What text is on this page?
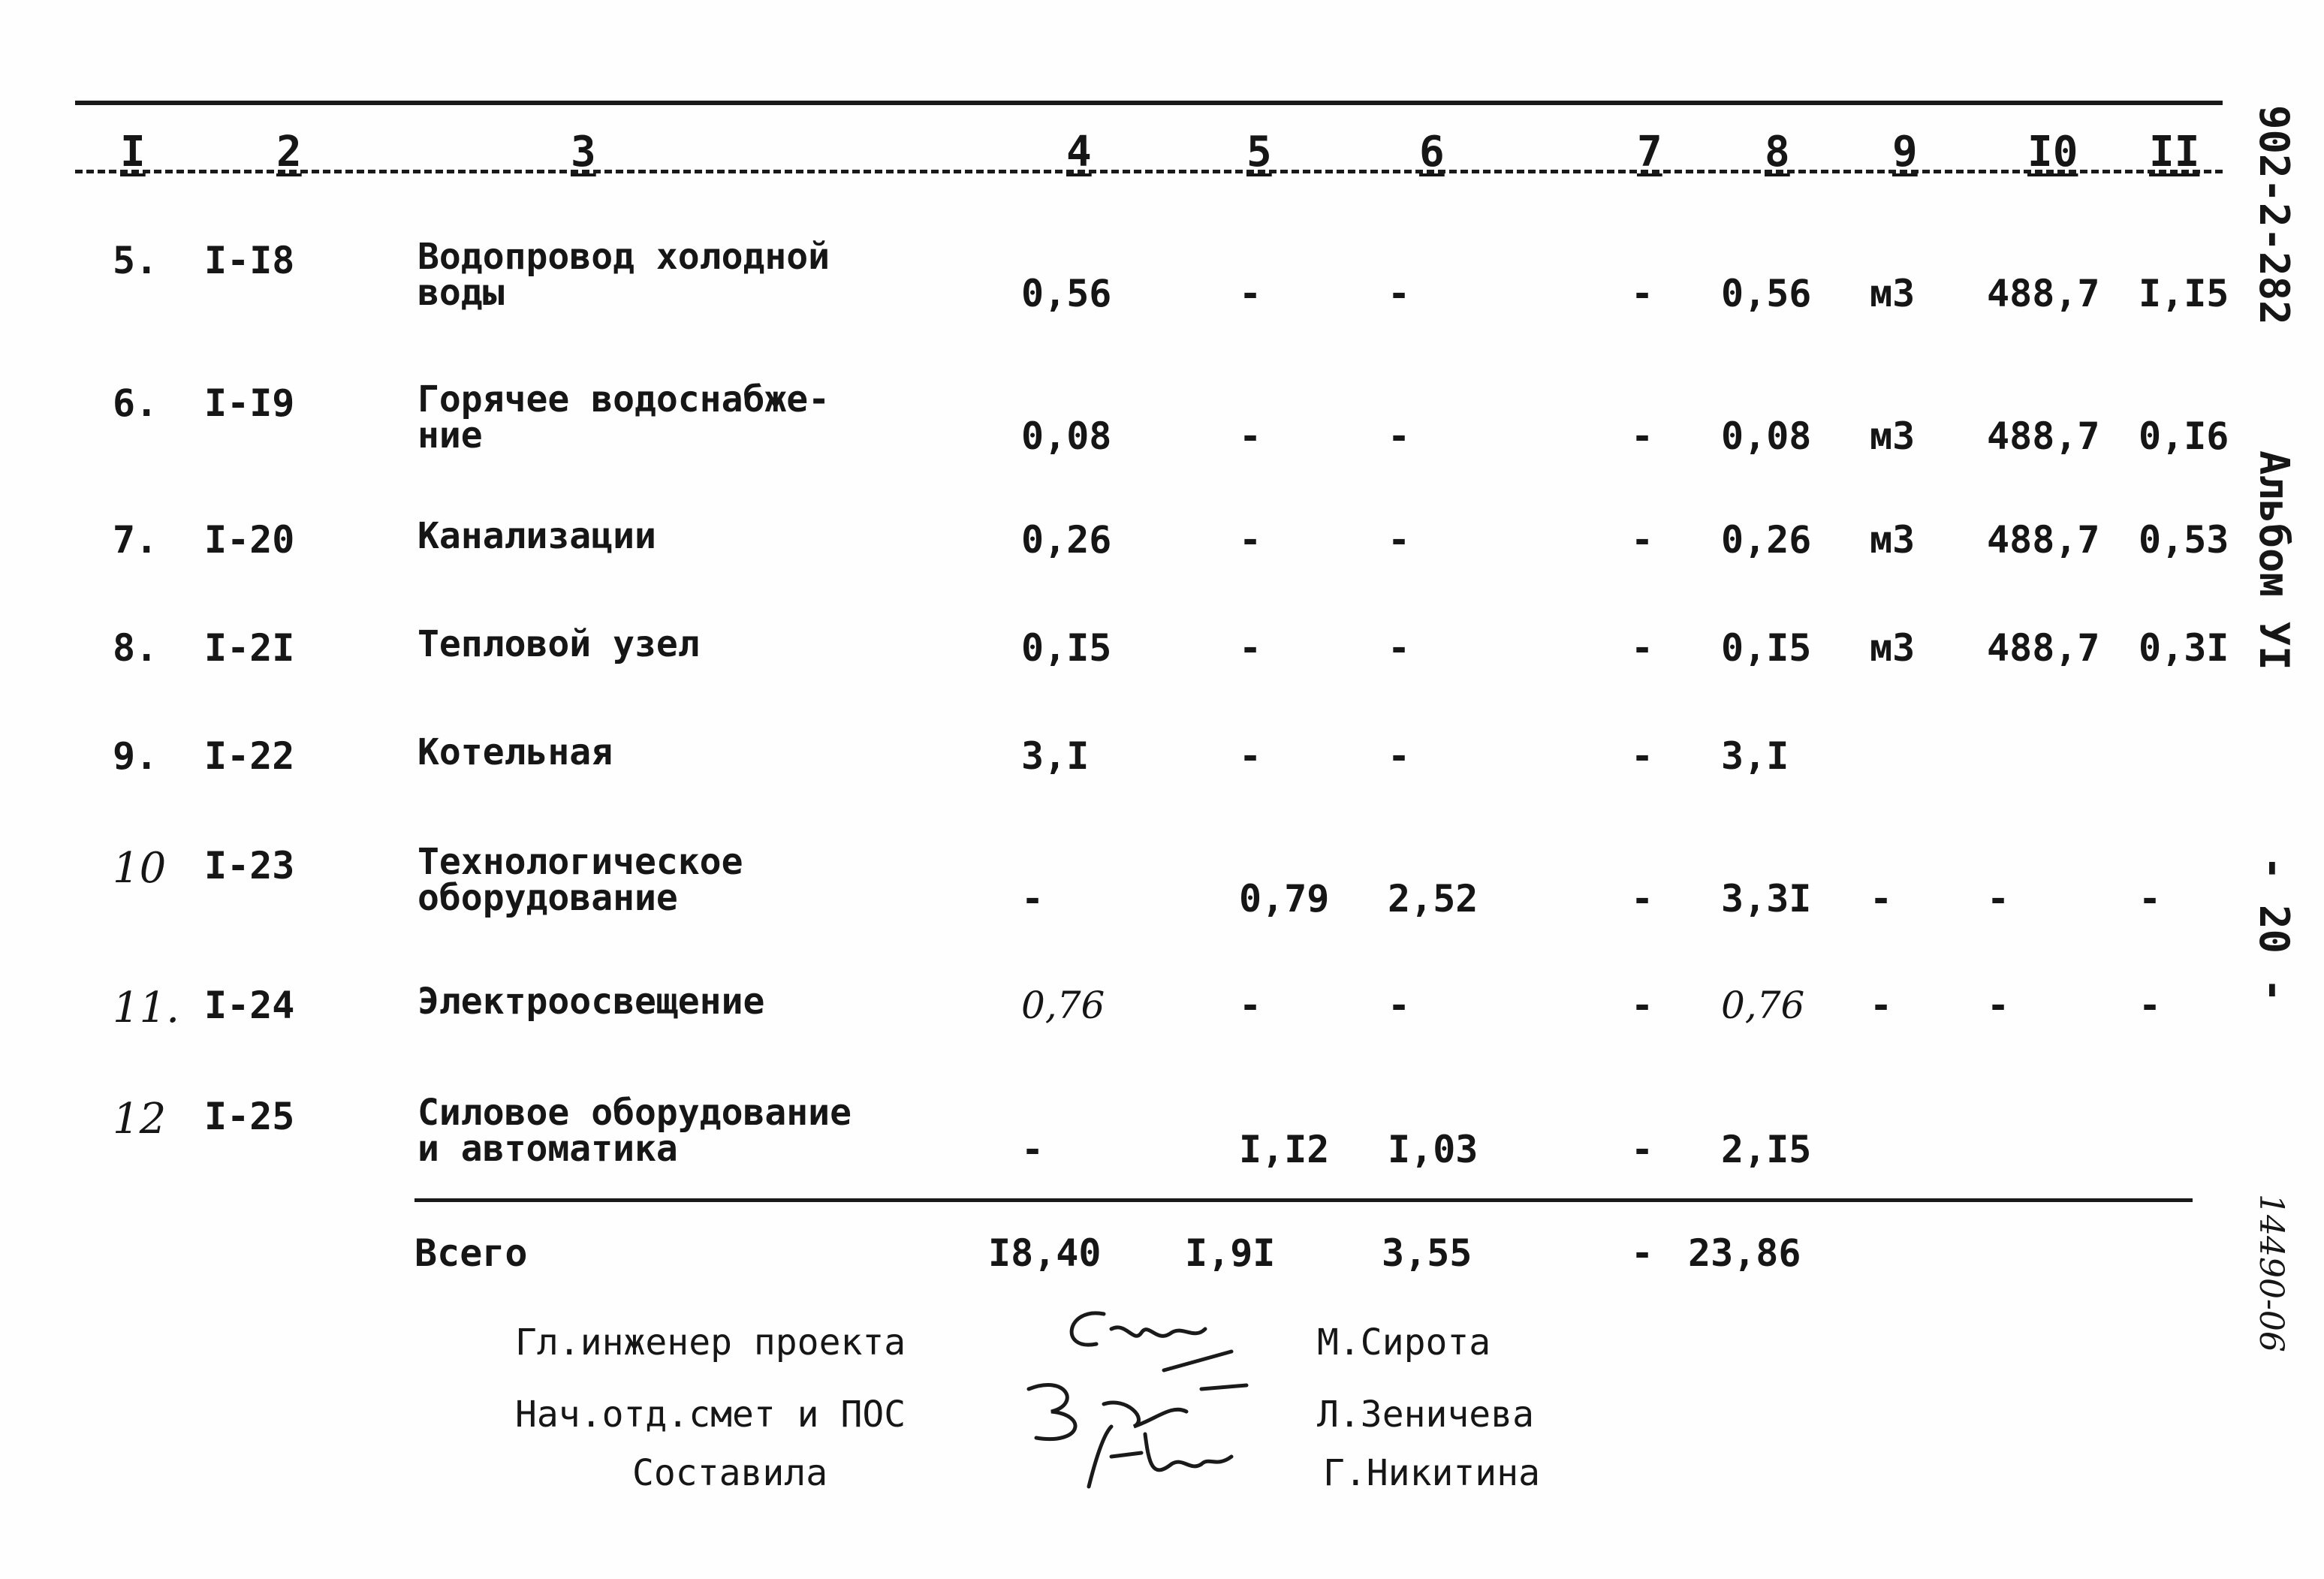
I	2	3	4	5	6	7 8 9	I0 II
5. I-I8	Водопровод холодной
воды	0,56	-	-	- 0,56 м3 488,7 I,I5
6. I-I9	Горячее водоснабже-
ние	0,08	-	-	- 0,08 м3 488,7 0,I6
7. I-20	Канализации	0,26	-	-	- 0,26 м3 488,7 0,53
8. I-2I	Тепловой узел	0,I5	-	-	- 0,I5 м3 488,7 0,3I
9. I-22	Котельная	3,I	-	-	- 3,I
10 I-23	Технологическое
оборудование	-	0,79 2,52	- 3,3I -	-	-
11. I-24	Электроосвещение	0,76	-	-	- 0,76 -	-	-
12 I-25	Силовое оборудование
и автоматика	-	I,I2 I,03	- 2,I5
Всего	I8,40 I,9I	3,55	- 23,86
Гл.инженер проекта	М.Сирота
Нач.отд.смет и ПОС	Л.Зеничева
Составила	Г.Никитина
902-2-282
Альбом УI
- 20 -
14490-06
